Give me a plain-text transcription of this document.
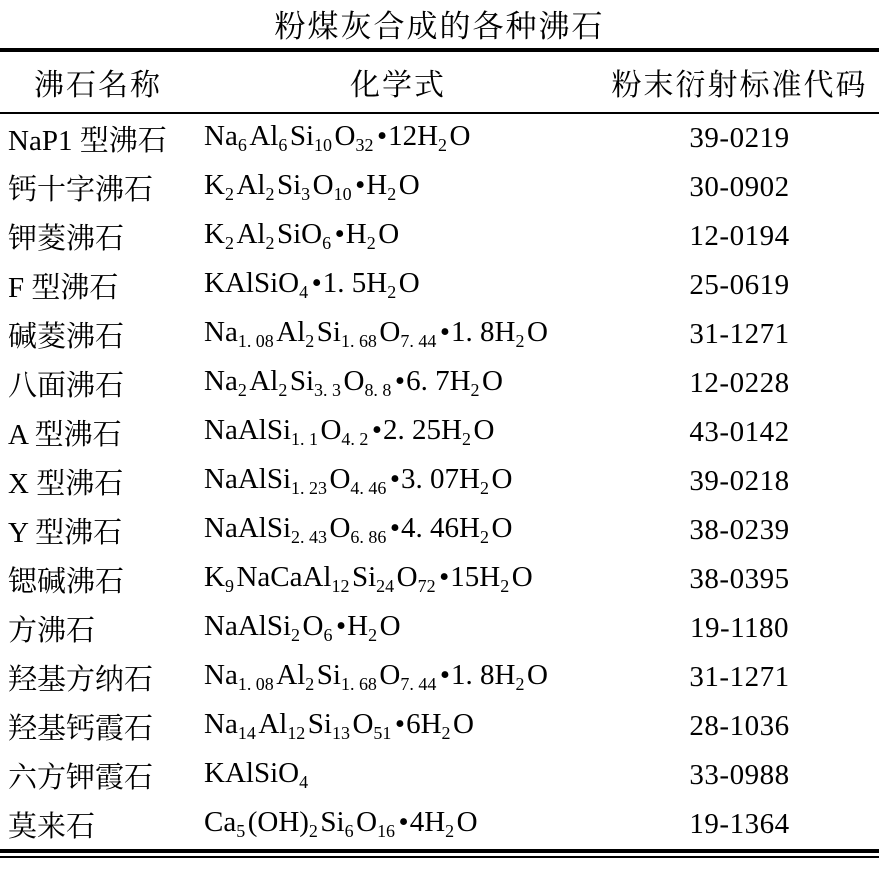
粉煤灰合成的各种沸石
沸石名称	化学式	粉末衍射标准代码
NaP1 型沸石	$Na_6Al_6Si_{10}O_{32}$ $•12H_2O$	39-0219
钙十字沸石	$K_2Al_2Si_3O_{10}$ $•H_2O$	30-0902
钾菱沸石	$K_2Al_2SiO_6$ $•H_2O$	12-0194
F 型沸石	KAlSiO$_4$ •1. $5H_2O$	25-0619
碱菱沸石	$Na_{1. 08}Al_2Si_{1. 68}O_{7. 44}$ •1. $8H_2O$	31-1271
八面沸石	$Na_2Al_2Si_{3. 3}O_{8. 8}$ •6. $7H_2O$	12-0228
A 型沸石	$NaAlSi_{1. 1}O_{4. 2}$ •2. $25H_2O$	43-0142
X 型沸石	$NaAlSi_{1. 23}O_{4. 46}$ •3. $07H_2O$	39-0218
Y 型沸石	$NaAlSi_{2. 43}O_{6. 86}$ •4. $46H_2O$	38-0239
锶碱沸石	$K_9NaCaAl_{12}Si_{24}O_{72}$ $•15H_2O$	38-0395
方沸石	$NaAlSi_2O_6$ $•H_2O$	19-1180
羟基方纳石	$Na_{1. 08}Al_2Si_{1. 68}O_{7. 44}$ •1. $8H_2O$	31-1271
羟基钙霞石	$Na_{14}Al_{12}Si_{13}O_{51}$ $•6H_2O$	28-1036
六方钾霞石	KAlSiO$_4$	33-0988
莫来石	$Ca_5(OH)_2Si_6O_{16}$ $•4H_2O$	19-1364
